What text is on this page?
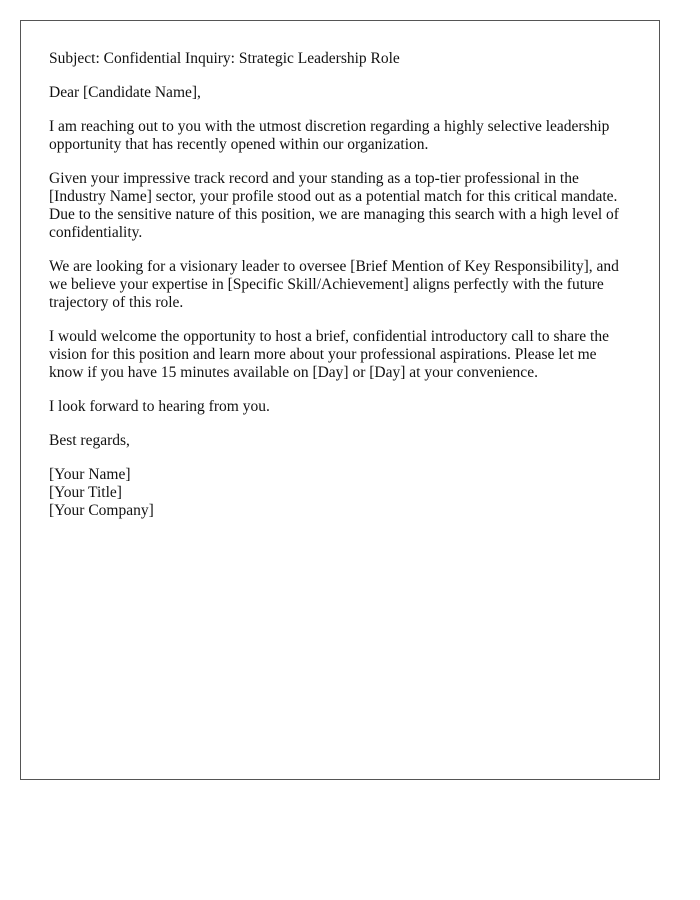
Subject: Confidential Inquiry: Strategic Leadership Role

Dear [Candidate Name],

I am reaching out to you with the utmost discretion regarding a highly selective leadership opportunity that has recently opened within our organization.

Given your impressive track record and your standing as a top-tier professional in the [Industry Name] sector, your profile stood out as a potential match for this critical mandate. Due to the sensitive nature of this position, we are managing this search with a high level of confidentiality.

We are looking for a visionary leader to oversee [Brief Mention of Key Responsibility], and we believe your expertise in [Specific Skill/Achievement] aligns perfectly with the future trajectory of this role.

I would welcome the opportunity to host a brief, confidential introductory call to share the vision for this position and learn more about your professional aspirations. Please let me know if you have 15 minutes available on [Day] or [Day] at your convenience.

I look forward to hearing from you.

Best regards,

[Your Name]
[Your Title]
[Your Company]
